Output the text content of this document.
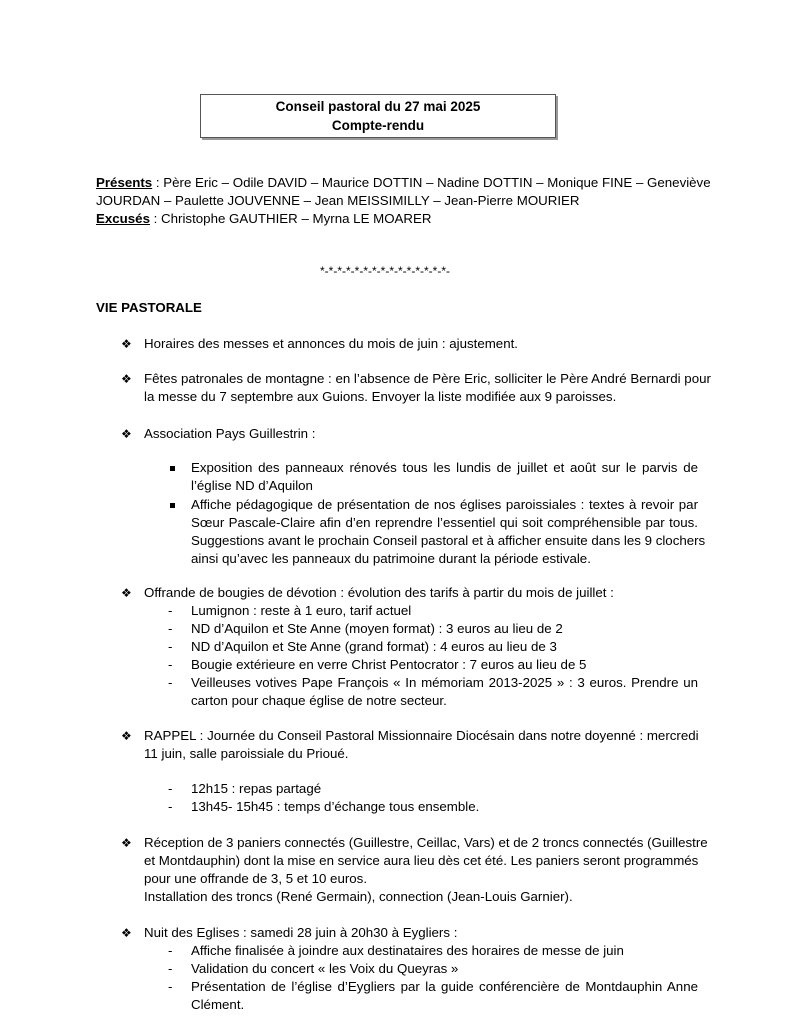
Conseil pastoral du 27 mai 2025
Compte-rendu
Présents : Père Eric – Odile DAVID – Maurice DOTTIN – Nadine DOTTIN – Monique FINE – Geneviève
JOURDAN – Paulette JOUVENNE – Jean MEISSIMILLY – Jean-Pierre MOURIER
Excusés : Christophe GAUTHIER – Myrna LE MOARER
*-*-*-*-*-*-*-*-*-*-*-*-*-*-*-
VIE PASTORALE
❖ Horaires des messes et annonces du mois de juin : ajustement.
❖ Fêtes patronales de montagne : en l’absence de Père Eric, solliciter le Père André Bernardi pour
la messe du 7 septembre aux Guions. Envoyer la liste modifiée aux 9 paroisses.
❖ Association Pays Guillestrin :
Exposition des panneaux rénovés tous les lundis de juillet et août sur le parvis de
l’église ND d’Aquilon
Affiche pédagogique de présentation de nos églises paroissiales : textes à revoir par
Sœur Pascale-Claire afin d’en reprendre l’essentiel qui soit compréhensible par tous.
Suggestions avant le prochain Conseil pastoral et à afficher ensuite dans les 9 clochers
ainsi qu’avec les panneaux du patrimoine durant la période estivale.
❖ Offrande de bougies de dévotion : évolution des tarifs à partir du mois de juillet :
- Lumignon : reste à 1 euro, tarif actuel
- ND d’Aquilon et Ste Anne (moyen format) : 3 euros au lieu de 2
- ND d’Aquilon et Ste Anne (grand format) : 4 euros au lieu de 3
- Bougie extérieure en verre Christ Pentocrator : 7 euros au lieu de 5
- Veilleuses votives Pape François « In mémoriam 2013-2025 » : 3 euros. Prendre un
carton pour chaque église de notre secteur.
❖ RAPPEL : Journée du Conseil Pastoral Missionnaire Diocésain dans notre doyenné : mercredi
11 juin, salle paroissiale du Prioué.
- 12h15 : repas partagé
- 13h45- 15h45 : temps d’échange tous ensemble.
❖ Réception de 3 paniers connectés (Guillestre, Ceillac, Vars) et de 2 troncs connectés (Guillestre
et Montdauphin) dont la mise en service aura lieu dès cet été. Les paniers seront programmés
pour une offrande de 3, 5 et 10 euros.
Installation des troncs (René Germain), connection (Jean-Louis Garnier).
❖ Nuit des Eglises : samedi 28 juin à 20h30 à Eygliers :
- Affiche finalisée à joindre aux destinataires des horaires de messe de juin
- Validation du concert « les Voix du Queyras »
- Présentation de l’église d’Eygliers par la guide conférencière de Montdauphin Anne
Clément.
